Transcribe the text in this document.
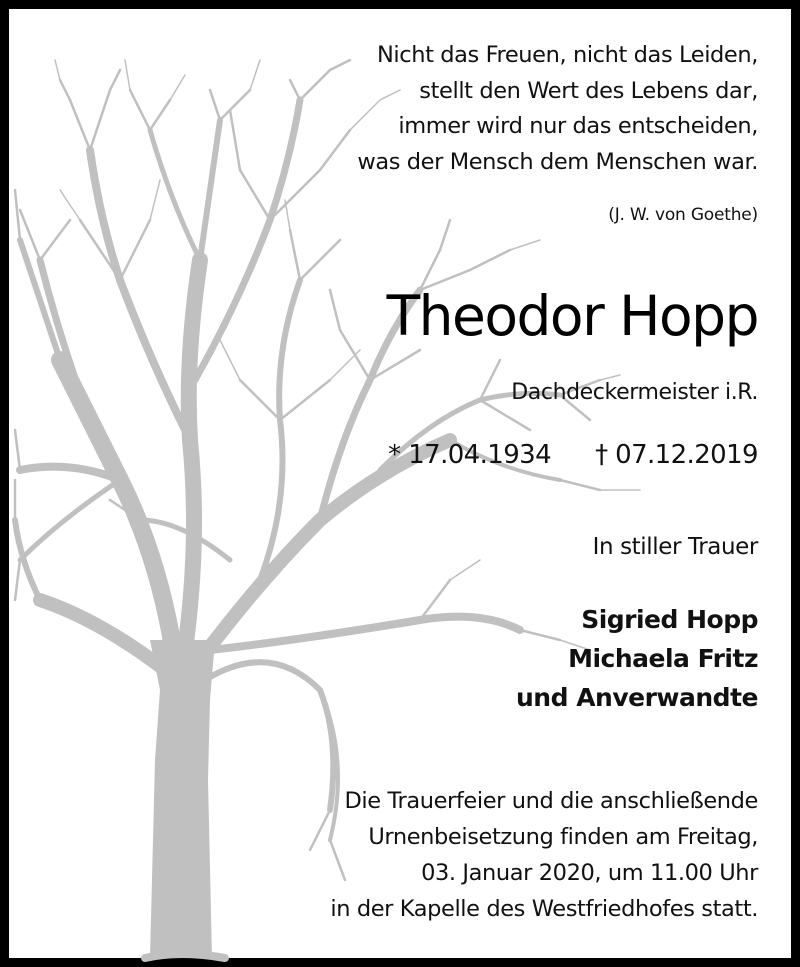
Nicht das Freuen, nicht das Leiden,
stellt den Wert des Lebens dar,
immer wird nur das entscheiden,
was der Mensch dem Menschen war.
(J. W. von Goethe)
Theodor Hopp
Dachdeckermeister i.R.
* 17.04.1934 † 07.12.2019
In stiller Trauer
Sigried Hopp
Michaela Fritz
und Anverwandte
Die Trauerfeier und die anschließende
Urnenbeisetzung finden am Freitag,
03. Januar 2020, um 11.00 Uhr
in der Kapelle des Westfriedhofes statt.
